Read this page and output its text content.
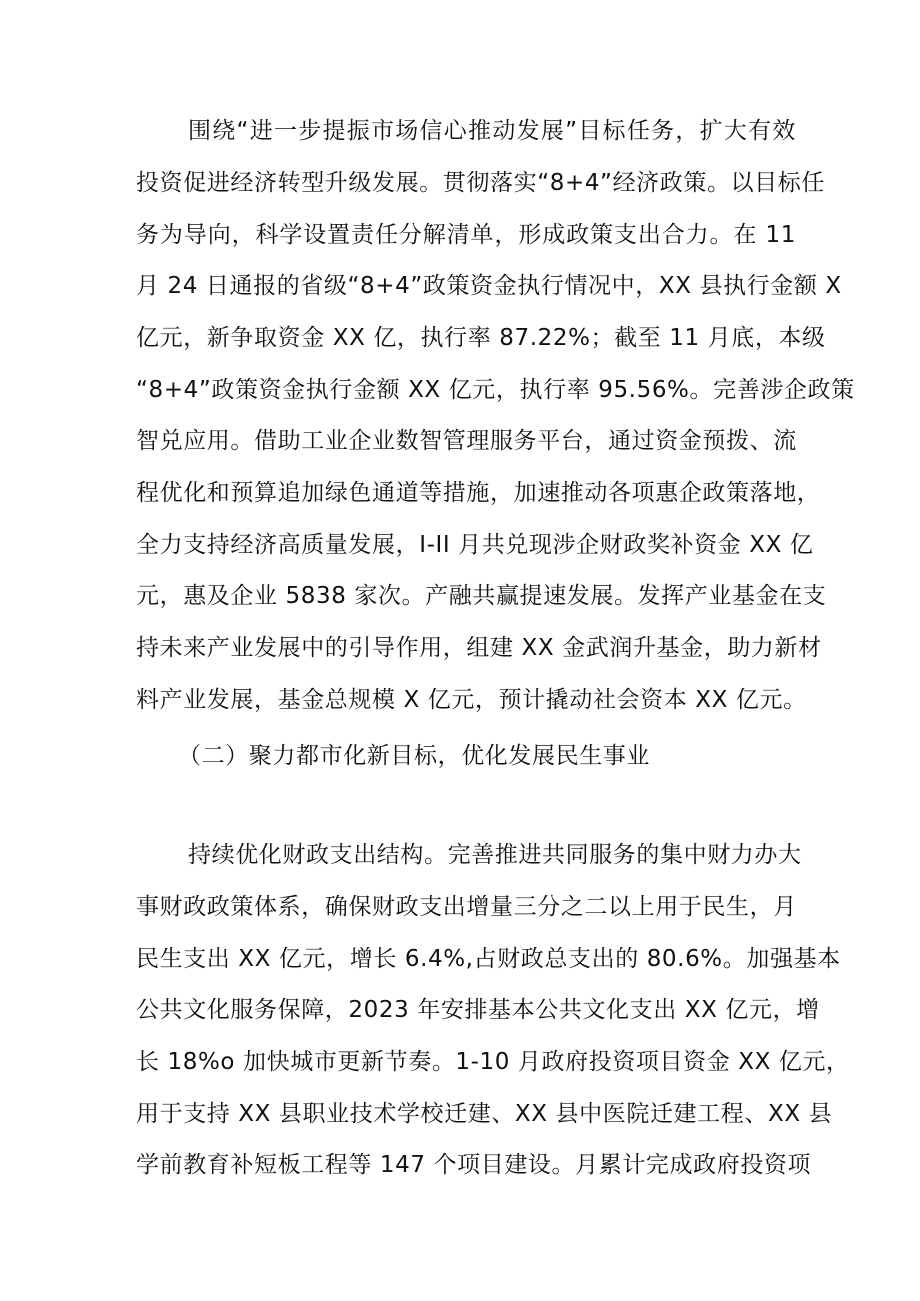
围绕“进一步提振市场信心推动发展”目标任务，扩大有效
投资促进经济转型升级发展。贯彻落实“8+4”经济政策。以目标任
务为导向，科学设置责任分解清单，形成政策支出合力。在 11
月 24 日通报的省级“8+4”政策资金执行情况中，XX 县执行金额 X
亿元，新争取资金 XX 亿，执行率 87.22%；截至 11 月底，本级
“8+4”政策资金执行金额 XX 亿元，执行率 95.56%。完善涉企政策
智兑应用。借助工业企业数智管理服务平台，通过资金预拨、流
程优化和预算追加绿色通道等措施，加速推动各项惠企政策落地，
全力支持经济高质量发展，I-II 月共兑现涉企财政奖补资金 XX 亿
元，惠及企业 5838 家次。产融共赢提速发展。发挥产业基金在支
持未来产业发展中的引导作用，组建 XX 金武润升基金，助力新材
料产业发展，基金总规模 X 亿元，预计撬动社会资本 XX 亿元。
（二）聚力都市化新目标，优化发展民生事业
持续优化财政支出结构。完善推进共同服务的集中财力办大
事财政政策体系，确保财政支出增量三分之二以上用于民生，月
民生支出 XX 亿元，增长 6.4%,占财政总支出的 80.6%。加强基本
公共文化服务保障，2023 年安排基本公共文化支出 XX 亿元，增
长 18%o 加快城市更新节奏。1-10 月政府投资项目资金 XX 亿元，
用于支持 XX 县职业技术学校迁建、XX 县中医院迁建工程、XX 县
学前教育补短板工程等 147 个项目建设。月累计完成政府投资项
